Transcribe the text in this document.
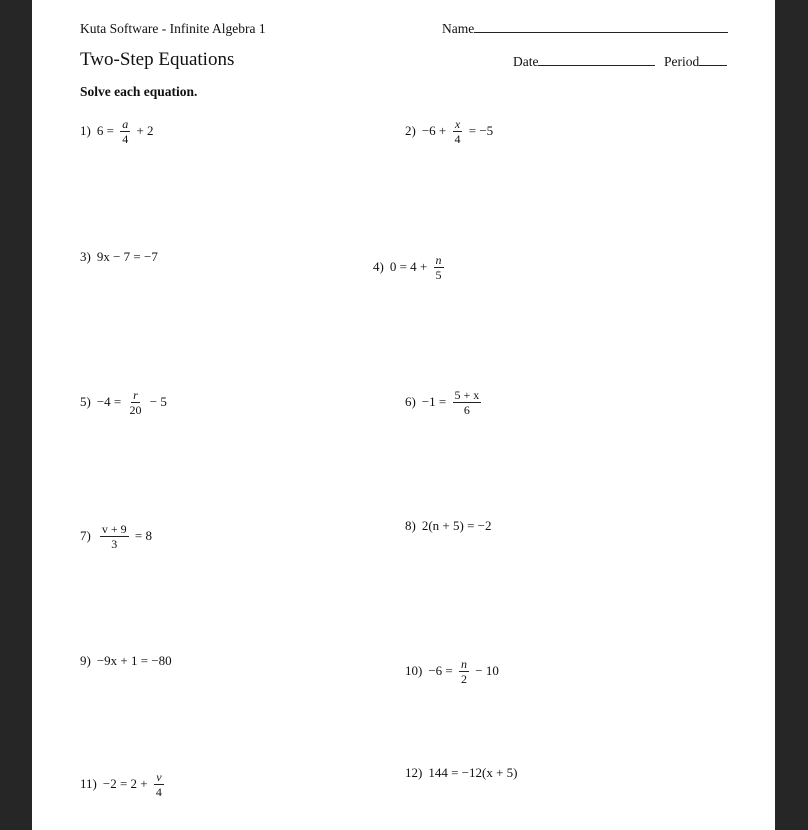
Kuta Software - Infinite Algebra 1	Name
Two-Step Equations	Date	Period
Solve each equation.
1) $6 = \frac{a}{4} + 2$	$2) -6 + \frac{x}{4} = -5$
3) 9x − 7 = −7
4) $0 = 4 + \frac{n}{5}$
$5) -4 = \frac{r}{20} - 5$	$6) -1 = \frac{5 + x}{6}$
$7) \frac{v + 9}{3} = 8$
8) 2(n + 5) = −2
9) −9x + 1 = −80
$10) -6 = \frac{n}{2} - 10$
$11) -2 = 2 + \frac{v}{4}$	12) 144 = −12(x + 5)
